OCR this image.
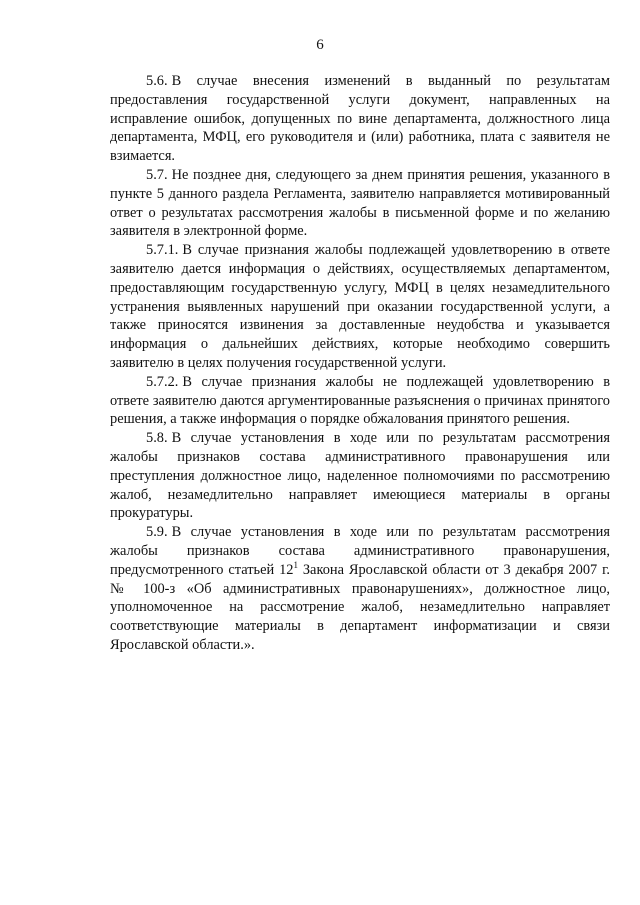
6

5.6. В случае внесения изменений в выданный по результатам предоставления государственной услуги документ, направленных на исправление ошибок, допущенных по вине департамента, должностного лица департамента, МФЦ, его руководителя и (или) работника, плата с заявителя не взимается.

5.7. Не позднее дня, следующего за днем принятия решения, указанного в пункте 5 данного раздела Регламента, заявителю направляется мотивированный ответ о результатах рассмотрения жалобы в письменной форме и по желанию заявителя в электронной форме.

5.7.1. В случае признания жалобы подлежащей удовлетворению в ответе заявителю дается информация о действиях, осуществляемых департаментом, предоставляющим государственную услугу, МФЦ в целях незамедлительного устранения выявленных нарушений при оказании государственной услуги, а также приносятся извинения за доставленные неудобства и указывается информация о дальнейших действиях, которые необходимо совершить заявителю в целях получения государственной услуги.

5.7.2. В случае признания жалобы не подлежащей удовлетворению в ответе заявителю даются аргументированные разъяснения о причинах принятого решения, а также информация о порядке обжалования принятого решения.

5.8. В случае установления в ходе или по результатам рассмотрения жалобы признаков состава административного правонарушения или преступления должностное лицо, наделенное полномочиями по рассмотрению жалоб, незамедлительно направляет имеющиеся материалы в органы прокуратуры.

5.9. В случае установления в ходе или по результатам рассмотрения жалобы признаков состава административного правонарушения, предусмотренного статьей 12$^1$ Закона Ярославской области от 3 декабря 2007 г. № 100-з «Об административных правонарушениях», должностное лицо, уполномоченное на рассмотрение жалоб, незамедлительно направляет соответствующие материалы в департамент информатизации и связи Ярославской области.».
